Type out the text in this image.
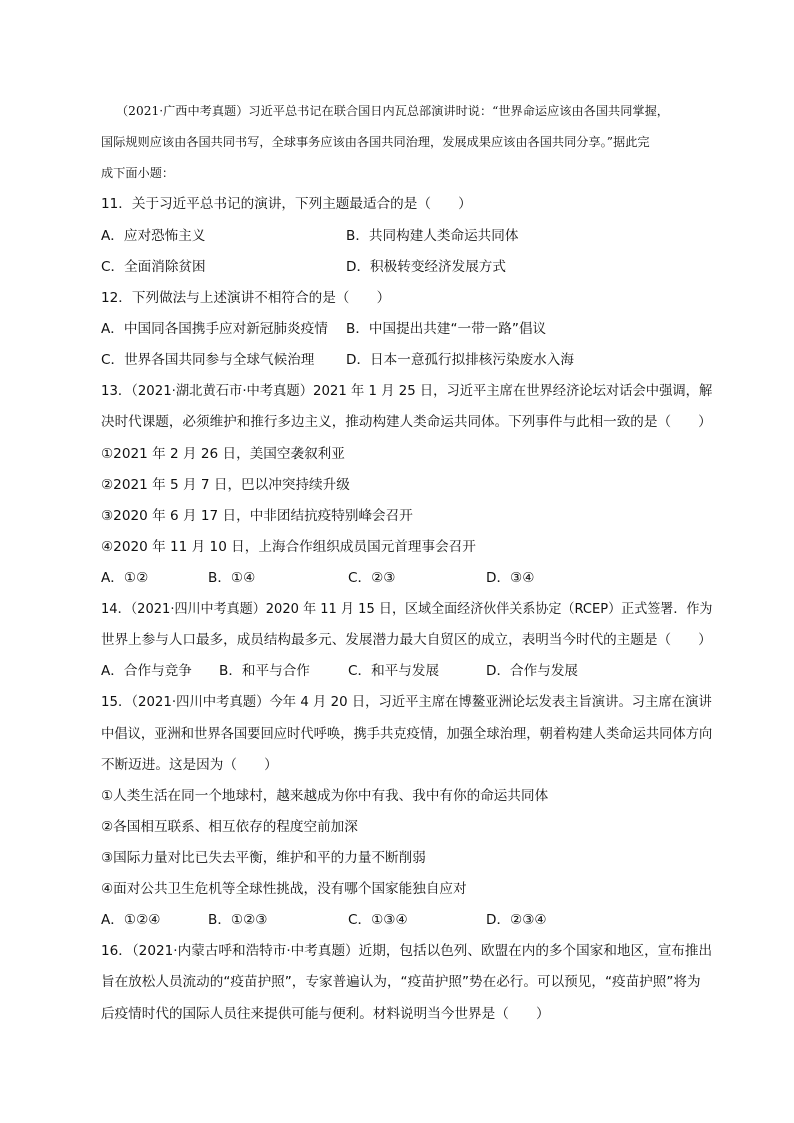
（2021·广西中考真题）习近平总书记在联合国日内瓦总部演讲时说：“世界命运应该由各国共同掌握，
国际规则应该由各国共同书写，全球事务应该由各国共同治理，发展成果应该由各国共同分享。”据此完
成下面小题：
11．关于习近平总书记的演讲，下列主题最适合的是（　　）
A．应对恐怖主义	B．共同构建人类命运共同体
C．全面消除贫困	D．积极转变经济发展方式
12．下列做法与上述演讲不相符合的是（　　）
A．中国同各国携手应对新冠肺炎疫情 B．中国提出共建“一带一路”倡议
C．世界各国共同参与全球气候治理 D．日本一意孤行拟排核污染废水入海
13．（2021·湖北黄石市·中考真题）2021 年 1 月 25 日，习近平主席在世界经济论坛对话会中强调，解
决时代课题，必须维护和推行多边主义，推动构建人类命运共同体。下列事件与此相一致的是（　　）
①2021 年 2 月 26 日，美国空袭叙利亚
②2021 年 5 月 7 日，巴以冲突持续升级
③2020 年 6 月 17 日，中非团结抗疫特别峰会召开
④2020 年 11 月 10 日，上海合作组织成员国元首理事会召开
A．①②	B．①④	C．②③	D．③④
14．（2021·四川中考真题）2020 年 11 月 15 日，区域全面经济伙伴关系协定（RCEP）正式签署．作为
世界上参与人口最多，成员结构最多元、发展潜力最大自贸区的成立，表明当今时代的主题是（　　）
A．合作与竞争 B．和平与合作	C．和平与发展	D．合作与发展
15．（2021·四川中考真题）今年 4 月 20 日，习近平主席在博鳌亚洲论坛发表主旨演讲。习主席在演讲
中倡议，亚洲和世界各国要回应时代呼唤，携手共克疫情，加强全球治理，朝着构建人类命运共同体方向
不断迈进。这是因为（　　）
①人类生活在同一个地球村，越来越成为你中有我、我中有你的命运共同体
②各国相互联系、相互依存的程度空前加深
③国际力量对比已失去平衡，维护和平的力量不断削弱
④面对公共卫生危机等全球性挑战，没有哪个国家能独自应对
A．①②④	B．①②③	C．①③④	D．②③④
16．（2021·内蒙古呼和浩特市·中考真题）近期，包括以色列、欧盟在内的多个国家和地区，宣布推出
旨在放松人员流动的“疫苗护照”，专家普遍认为，“疫苗护照”势在必行。可以预见，“疫苗护照”将为
后疫情时代的国际人员往来提供可能与便利。材料说明当今世界是（　　）
